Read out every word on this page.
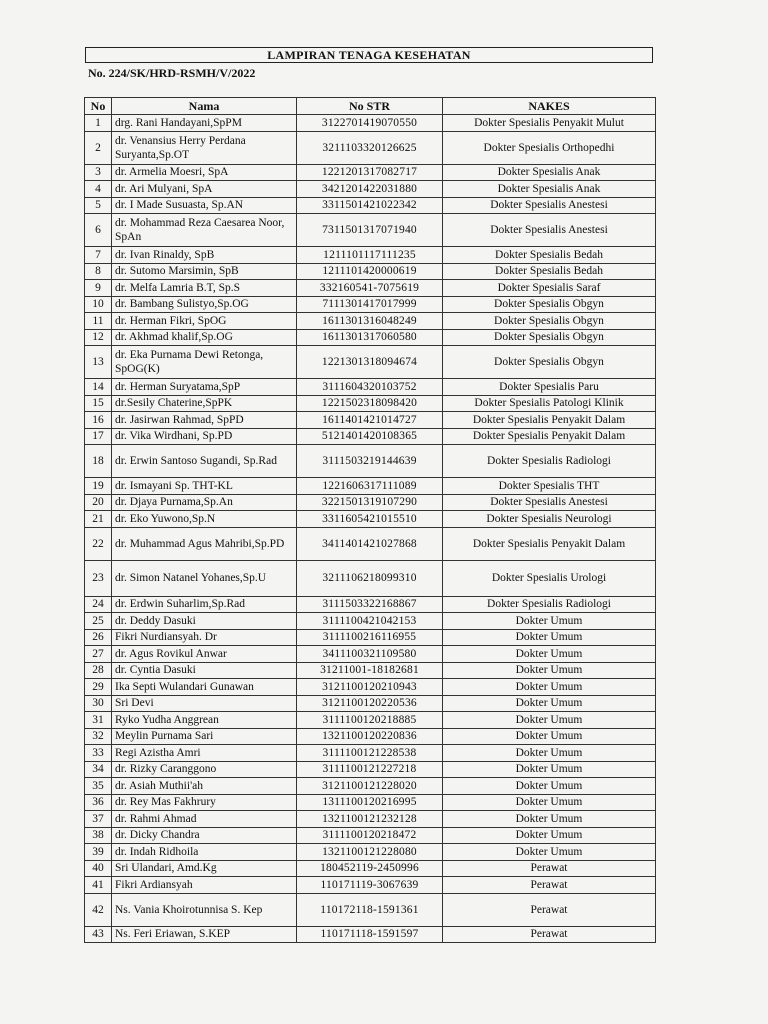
LAMPIRAN TENAGA KESEHATAN
No. 224/SK/HRD-RSMH/V/2022
No	Nama	No STR	NAKES
1	drg. Rani Handayani,SpPM	3122701419070550	Dokter Spesialis Penyakit Mulut
2	dr. Venansius Herry Perdana Suryanta,Sp.OT	3211103320126625	Dokter Spesialis Orthopedhi
3	dr. Armelia Moesri, SpA	1221201317082717	Dokter Spesialis Anak
4	dr. Ari Mulyani, SpA	3421201422031880	Dokter Spesialis Anak
5	dr. I Made Susuasta, Sp.AN	3311501421022342	Dokter Spesialis Anestesi
6	dr. Mohammad Reza Caesarea Noor, SpAn	7311501317071940	Dokter Spesialis Anestesi
7	dr. Ivan Rinaldy, SpB	1211101117111235	Dokter Spesialis Bedah
8	dr. Sutomo Marsimin, SpB	1211101420000619	Dokter Spesialis Bedah
9	dr. Melfa Lamria B.T, Sp.S	332160541-7075619	Dokter Spesialis Saraf
10	dr. Bambang Sulistyo,Sp.OG	7111301417017999	Dokter Spesialis Obgyn
11	dr. Herman Fikri, SpOG	1611301316048249	Dokter Spesialis Obgyn
12	dr. Akhmad khalif,Sp.OG	1611301317060580	Dokter Spesialis Obgyn
13	dr. Eka Purnama Dewi Retonga, SpOG(K)	1221301318094674	Dokter Spesialis Obgyn
14	dr. Herman Suryatama,SpP	3111604320103752	Dokter Spesialis Paru
15	dr.Sesily Chaterine,SpPK	1221502318098420	Dokter Spesialis Patologi Klinik
16	dr. Jasirwan Rahmad, SpPD	1611401421014727	Dokter Spesialis Penyakit Dalam
17	dr. Vika Wirdhani, Sp.PD	5121401420108365	Dokter Spesialis Penyakit Dalam
18	dr. Erwin Santoso Sugandi, Sp.Rad	3111503219144639	Dokter Spesialis Radiologi
19	dr. Ismayani Sp. THT-KL	1221606317111089	Dokter Spesialis THT
20	dr. Djaya Purnama,Sp.An	3221501319107290	Dokter Spesialis Anestesi
21	dr. Eko Yuwono,Sp.N	3311605421015510	Dokter Spesialis Neurologi
22	dr. Muhammad Agus Mahribi,Sp.PD	3411401421027868	Dokter Spesialis Penyakit Dalam
23	dr. Simon Natanel Yohanes,Sp.U	3211106218099310	Dokter Spesialis Urologi
24	dr. Erdwin Suharlim,Sp.Rad	3111503322168867	Dokter Spesialis Radiologi
25	dr. Deddy Dasuki	3111100421042153	Dokter Umum
26	Fikri Nurdiansyah. Dr	3111100216116955	Dokter Umum
27	dr. Agus Rovikul Anwar	3411100321109580	Dokter Umum
28	dr. Cyntia Dasuki	31211001-18182681	Dokter Umum
29	Ika Septi Wulandari Gunawan	3121100120210943	Dokter Umum
30	Sri Devi	3121100120220536	Dokter Umum
31	Ryko Yudha Anggrean	3111100120218885	Dokter Umum
32	Meylin Purnama Sari	1321100120220836	Dokter Umum
33	Regi Azistha Amri	3111100121228538	Dokter Umum
34	dr. Rizky Caranggono	3111100121227218	Dokter Umum
35	dr. Asiah Muthii'ah	3121100121228020	Dokter Umum
36	dr. Rey Mas Fakhrury	1311100120216995	Dokter Umum
37	dr. Rahmi Ahmad	1321100121232128	Dokter Umum
38	dr. Dicky Chandra	3111100120218472	Dokter Umum
39	dr. Indah Ridhoila	1321100121228080	Dokter Umum
40	Sri Ulandari, Amd.Kg	180452119-2450996	Perawat
41	Fikri Ardiansyah	110171119-3067639	Perawat
42	Ns. Vania Khoirotunnisa S. Kep	110172118-1591361	Perawat
43	Ns. Feri Eriawan, S.KEP	110171118-1591597	Perawat
